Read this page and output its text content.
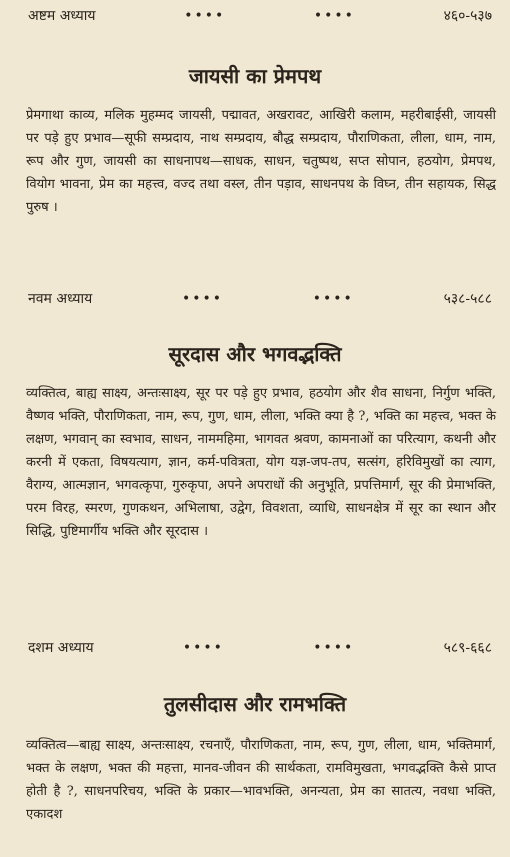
अष्टम अध्याय	••••	••••	४६०-५३७
जायसी का प्रेमपथ

प्रेमगाथा काव्य, मलिक मुहम्मद जायसी, पद्मावत, अखरावट, आखिरी कलाम, महरीबाईसी, जायसी पर पड़े हुए प्रभाव—सूफी सम्प्रदाय, नाथ सम्प्रदाय, बौद्ध सम्प्रदाय, पौराणिकता, लीला, धाम, नाम, रूप और गुण, जायसी का साधनापथ—साधक, साधन, चतुष्पथ, सप्त सोपान, हठयोग, प्रेमपथ, वियोग भावना, प्रेम का महत्त्व, वज्द तथा वस्ल, तीन पड़ाव, साधनपथ के विघ्न, तीन सहायक, सिद्ध पुरुष ।

नवम अध्याय	••••	••••	५३८-५८८
सूरदास और भगवद्भक्ति

व्यक्तित्व, बाह्य साक्ष्य, अन्तःसाक्ष्य, सूर पर पड़े हुए प्रभाव, हठयोग और शैव साधना, निर्गुण भक्ति, वैष्णव भक्ति, पौराणिकता, नाम, रूप, गुण, धाम, लीला, भक्ति क्या है ?, भक्ति का महत्त्व, भक्त के लक्षण, भगवान् का स्वभाव, साधन, नाममहिमा, भागवत श्रवण, कामनाओं का परित्याग, कथनी और करनी में एकता, विषयत्याग, ज्ञान, कर्म-पवित्रता, योग यज्ञ-जप-तप, सत्संग, हरिविमुखों का त्याग, वैराग्य, आत्मज्ञान, भगवत्कृपा, गुरुकृपा, अपने अपराधों की अनुभूति, प्रपत्तिमार्ग, सूर की प्रेमाभक्ति, परम विरह, स्मरण, गुणकथन, अभिलाषा, उद्वेग, विवशता, व्याधि, साधनक्षेत्र में सूर का स्थान और सिद्धि, पुष्टिमार्गीय भक्ति और सूरदास ।

दशम अध्याय	••••	••••	५८९-६६८
तुलसीदास और रामभक्ति

व्यक्तित्व—बाह्य साक्ष्य, अन्तःसाक्ष्य, रचनाएँ, पौराणिकता, नाम, रूप, गुण, लीला, धाम, भक्तिमार्ग, भक्त के लक्षण, भक्त की महत्ता, मानव-जीवन की सार्थकता, रामविमुखता, भगवद्भक्ति कैसे प्राप्त होती है ?, साधनपरिचय, भक्ति के प्रकार—भावभक्ति, अनन्यता, प्रेम का सातत्य, नवधा भक्ति, एकादश
